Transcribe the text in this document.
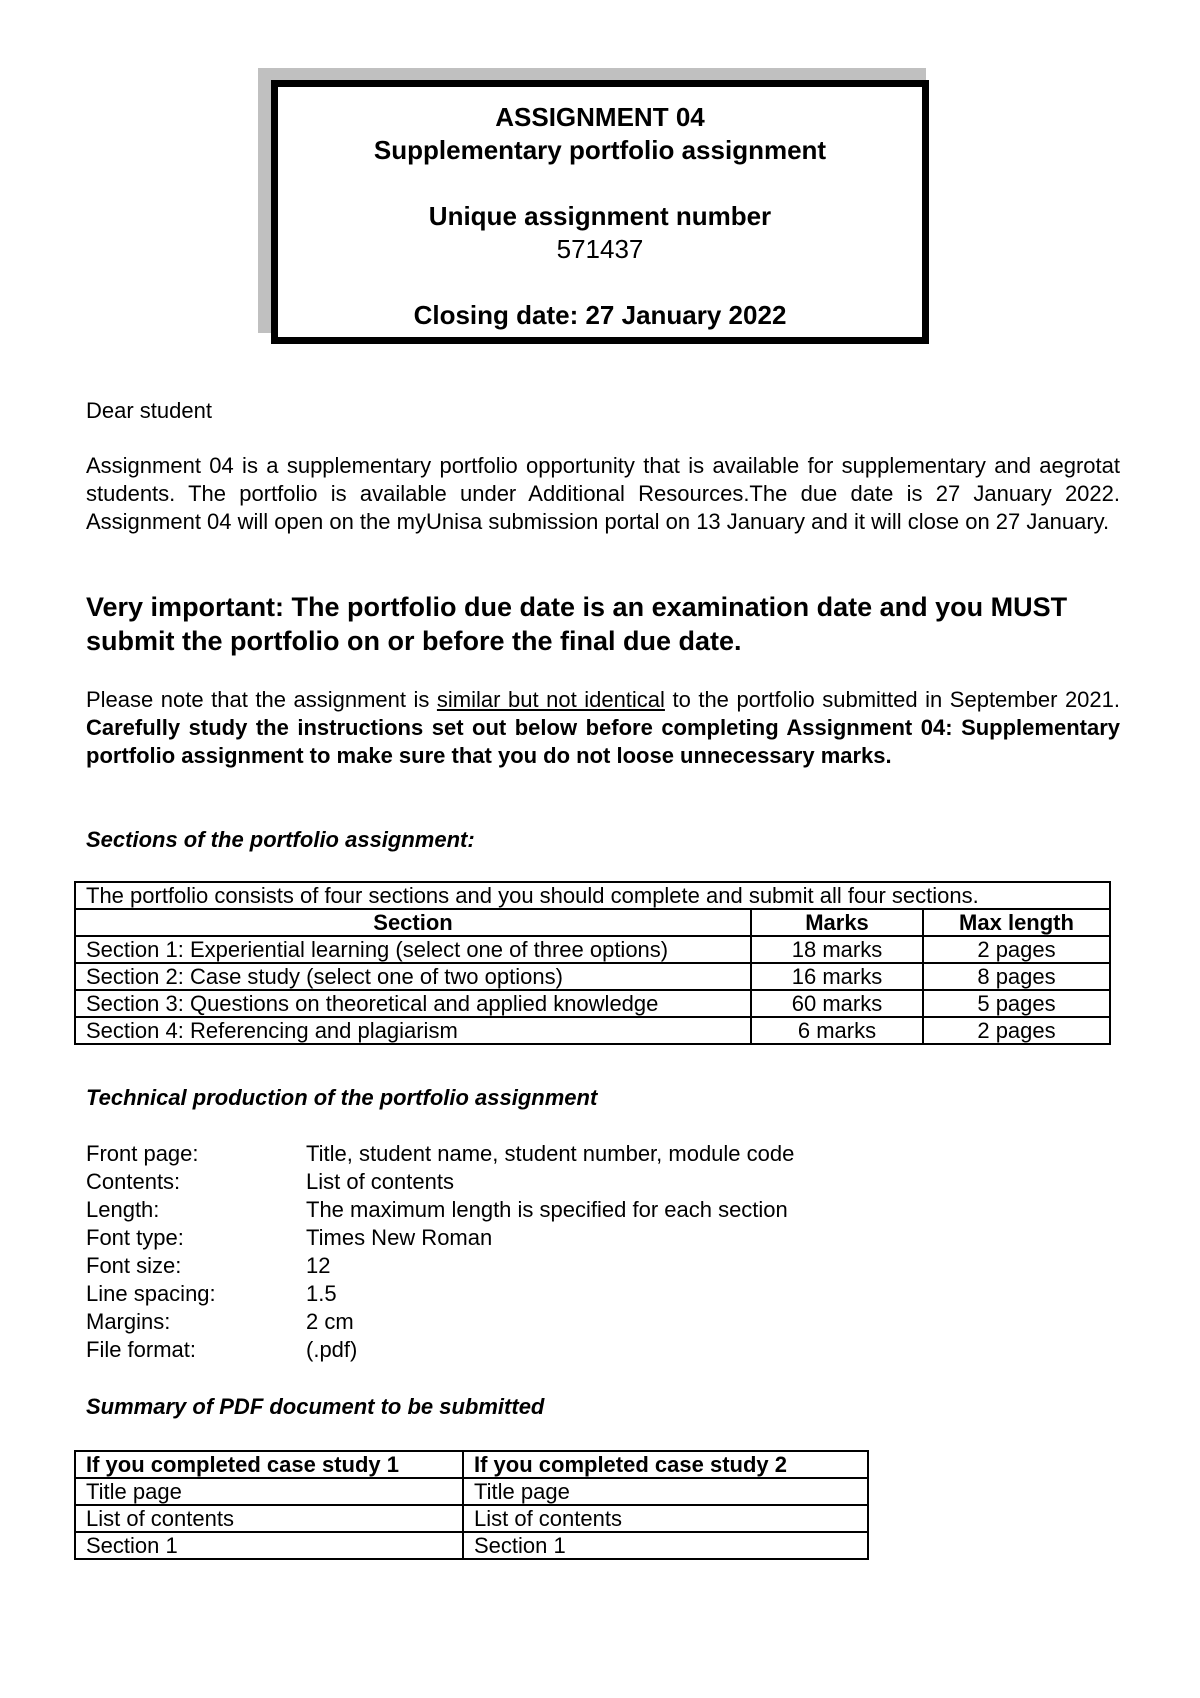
ASSIGNMENT 04
Supplementary portfolio assignment
Unique assignment number
571437
Closing date: 27 January 2022
Dear student
Assignment 04 is a supplementary portfolio opportunity that is available for supplementary and aegrotat students. The portfolio is available under Additional Resources.The due date is 27 January 2022. Assignment 04 will open on the myUnisa submission portal on 13 January and it will close on 27 January.
Very important: The portfolio due date is an examination date and you MUST submit the portfolio on or before the final due date.
Please note that the assignment is similar but not identical to the portfolio submitted in September 2021. Carefully study the instructions set out below before completing Assignment 04: Supplementary portfolio assignment to make sure that you do not loose unnecessary marks.
Sections of the portfolio assignment:
The portfolio consists of four sections and you should complete and submit all four sections.		
Section	Marks	Max length
Section 1: Experiential learning (select one of three options)	18 marks	2 pages
Section 2: Case study (select one of two options)	16 marks	8 pages
Section 3: Questions on theoretical and applied knowledge	60 marks	5 pages
Section 4: Referencing and plagiarism	6 marks	2 pages
Technical production of the portfolio assignment
Front page:	Title, student name, student number, module code
Contents:	List of contents
Length:	The maximum length is specified for each section
Font type:	Times New Roman
Font size:	12
Line spacing:	1.5
Margins:	2 cm
File format:	(.pdf)
Summary of PDF document to be submitted
If you completed case study 1	If you completed case study 2
Title page	Title page
List of contents	List of contents
Section 1	Section 1
